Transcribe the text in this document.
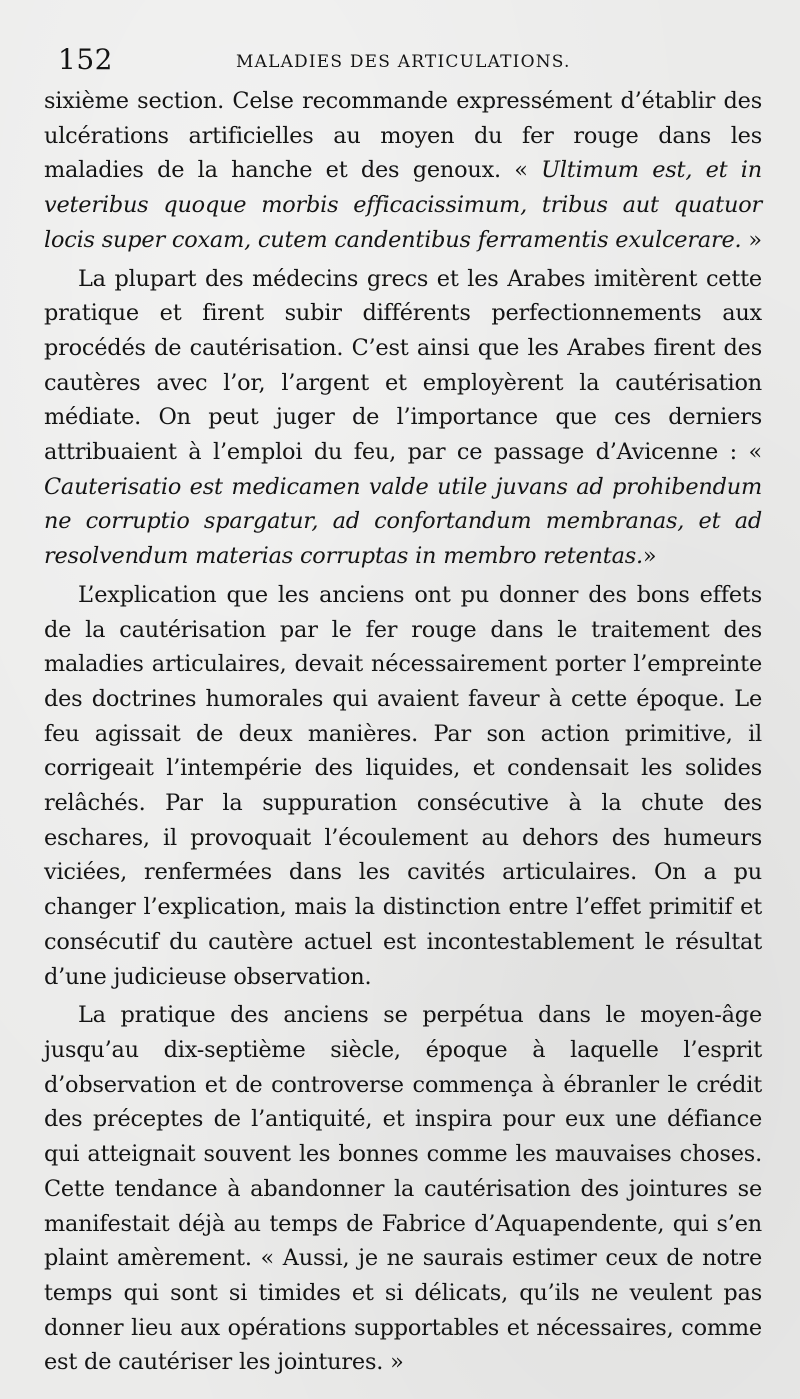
152	MALADIES DES ARTICULATIONS.

sixième section. Celse recommande expressément d’établir des ulcérations artificielles au moyen du fer rouge dans les maladies de la hanche et des genoux. « Ultimum est, et in veteribus quoque morbis efficacissimum, tribus aut quatuor locis super coxam, cutem candentibus ferramentis exulcerare. »

La plupart des médecins grecs et les Arabes imitèrent cette pratique et firent subir différents perfectionnements aux procédés de cautérisation. C’est ainsi que les Arabes firent des cautères avec l’or, l’argent et employèrent la cautérisation médiate. On peut juger de l’importance que ces derniers attribuaient à l’emploi du feu, par ce passage d’Avicenne : « Cauterisatio est medicamen valde utile juvans ad prohibendum ne corruptio spargatur, ad confortandum membranas, et ad resolvendum materias corruptas in membro retentas.»

L’explication que les anciens ont pu donner des bons effets de la cautérisation par le fer rouge dans le traitement des maladies articulaires, devait nécessairement porter l’empreinte des doctrines humorales qui avaient faveur à cette époque. Le feu agissait de deux manières. Par son action primitive, il corrigeait l’intempérie des liquides, et condensait les solides relâchés. Par la suppuration consécutive à la chute des eschares, il provoquait l’écoulement au dehors des humeurs viciées, renfermées dans les cavités articulaires. On a pu changer l’explication, mais la distinction entre l’effet primitif et consécutif du cautère actuel est incontestablement le résultat d’une judicieuse observation.

La pratique des anciens se perpétua dans le moyen-âge jusqu’au dix-septième siècle, époque à laquelle l’esprit d’observation et de controverse commença à ébranler le crédit des préceptes de l’antiquité, et inspira pour eux une défiance qui atteignait souvent les bonnes comme les mauvaises choses. Cette tendance à abandonner la cautérisation des jointures se manifestait déjà au temps de Fabrice d’Aquapendente, qui s’en plaint amèrement. « Aussi, je ne saurais estimer ceux de notre temps qui sont si timides et si délicats, qu’ils ne veulent pas donner lieu aux opérations supportables et nécessaires, comme est de cautériser les jointures. »
